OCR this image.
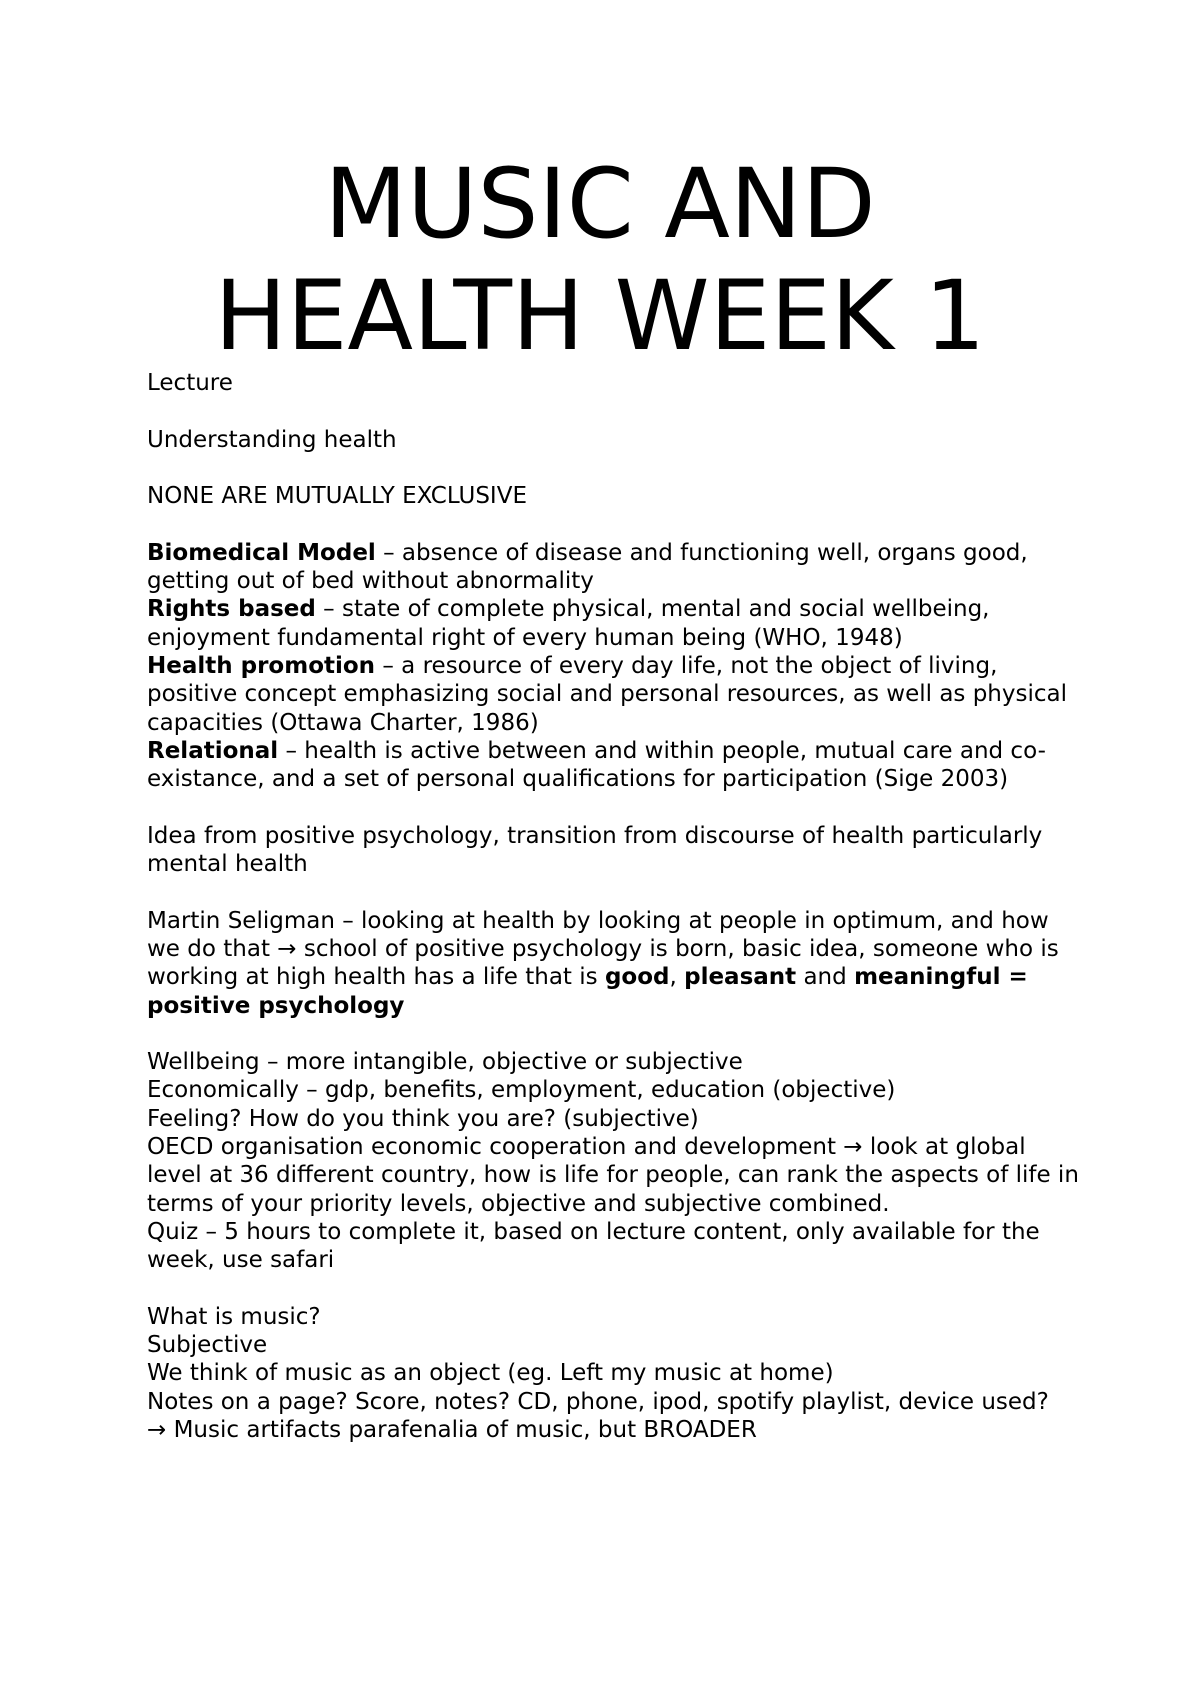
MUSIC AND
HEALTH WEEK 1

Lecture

Understanding health

NONE ARE MUTUALLY EXCLUSIVE

Biomedical Model – absence of disease and functioning well, organs good, getting out of bed without abnormality

Rights based – state of complete physical, mental and social wellbeing, enjoyment fundamental right of every human being (WHO, 1948)

Health promotion – a resource of every day life, not the object of living, positive concept emphasizing social and personal resources, as well as physical capacities (Ottawa Charter, 1986)

Relational – health is active between and within people, mutual care and co-existance, and a set of personal qualifications for participation (Sige 2003)

Idea from positive psychology, transition from discourse of health particularly mental health

Martin Seligman – looking at health by looking at people in optimum, and how we do that → school of positive psychology is born, basic idea, someone who is working at high health has a life that is good, pleasant and meaningful = positive psychology

Wellbeing – more intangible, objective or subjective

Economically – gdp, benefits, employment, education (objective)

Feeling? How do you think you are? (subjective)

OECD organisation economic cooperation and development → look at global level at 36 different country, how is life for people, can rank the aspects of life in terms of your priority levels, objective and subjective combined.

Quiz – 5 hours to complete it, based on lecture content, only available for the week, use safari

What is music?

Subjective

We think of music as an object (eg. Left my music at home)

Notes on a page? Score, notes? CD, phone, ipod, spotify playlist, device used?

→ Music artifacts parafenalia of music, but BROADER
